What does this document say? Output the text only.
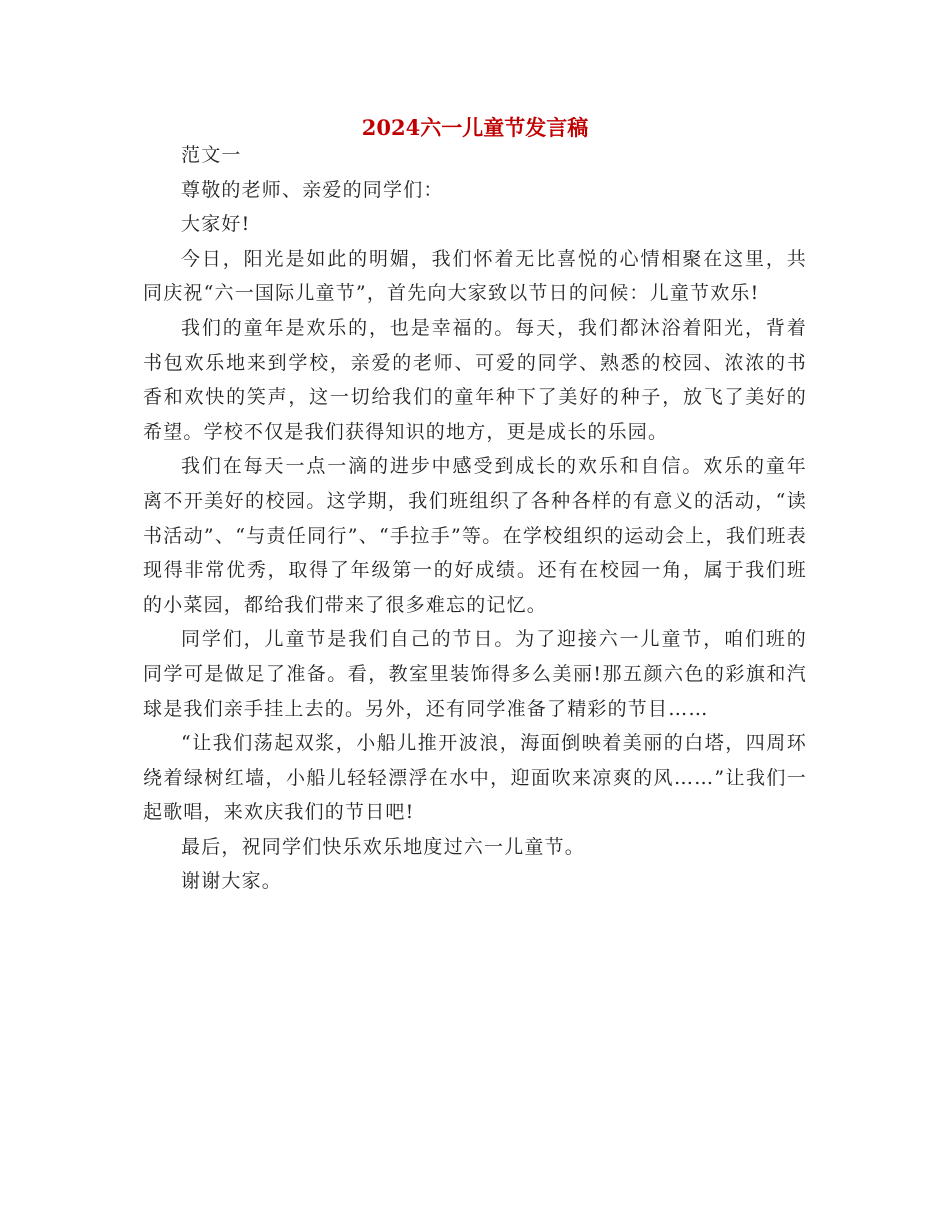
2024六一儿童节发言稿

范文一

尊敬的老师、亲爱的同学们：

大家好!

今日，阳光是如此的明媚，我们怀着无比喜悦的心情相聚在这里，共同庆祝“六一国际儿童节”，首先向大家致以节日的问候：儿童节欢乐!

我们的童年是欢乐的，也是幸福的。每天，我们都沐浴着阳光，背着书包欢乐地来到学校，亲爱的老师、可爱的同学、熟悉的校园、浓浓的书香和欢快的笑声，这一切给我们的童年种下了美好的种子，放飞了美好的希望。学校不仅是我们获得知识的地方，更是成长的乐园。

我们在每天一点一滴的进步中感受到成长的欢乐和自信。欢乐的童年离不开美好的校园。这学期，我们班组织了各种各样的有意义的活动，“读书活动”、“与责任同行”、“手拉手”等。在学校组织的运动会上，我们班表现得非常优秀，取得了年级第一的好成绩。还有在校园一角，属于我们班的小菜园，都给我们带来了很多难忘的记忆。

同学们，儿童节是我们自己的节日。为了迎接六一儿童节，咱们班的同学可是做足了准备。看，教室里装饰得多么美丽!那五颜六色的彩旗和汽球是我们亲手挂上去的。另外，还有同学准备了精彩的节目……

“让我们荡起双浆，小船儿推开波浪，海面倒映着美丽的白塔，四周环绕着绿树红墙，小船儿轻轻漂浮在水中，迎面吹来凉爽的风……”让我们一起歌唱，来欢庆我们的节日吧!

最后，祝同学们快乐欢乐地度过六一儿童节。

谢谢大家。
